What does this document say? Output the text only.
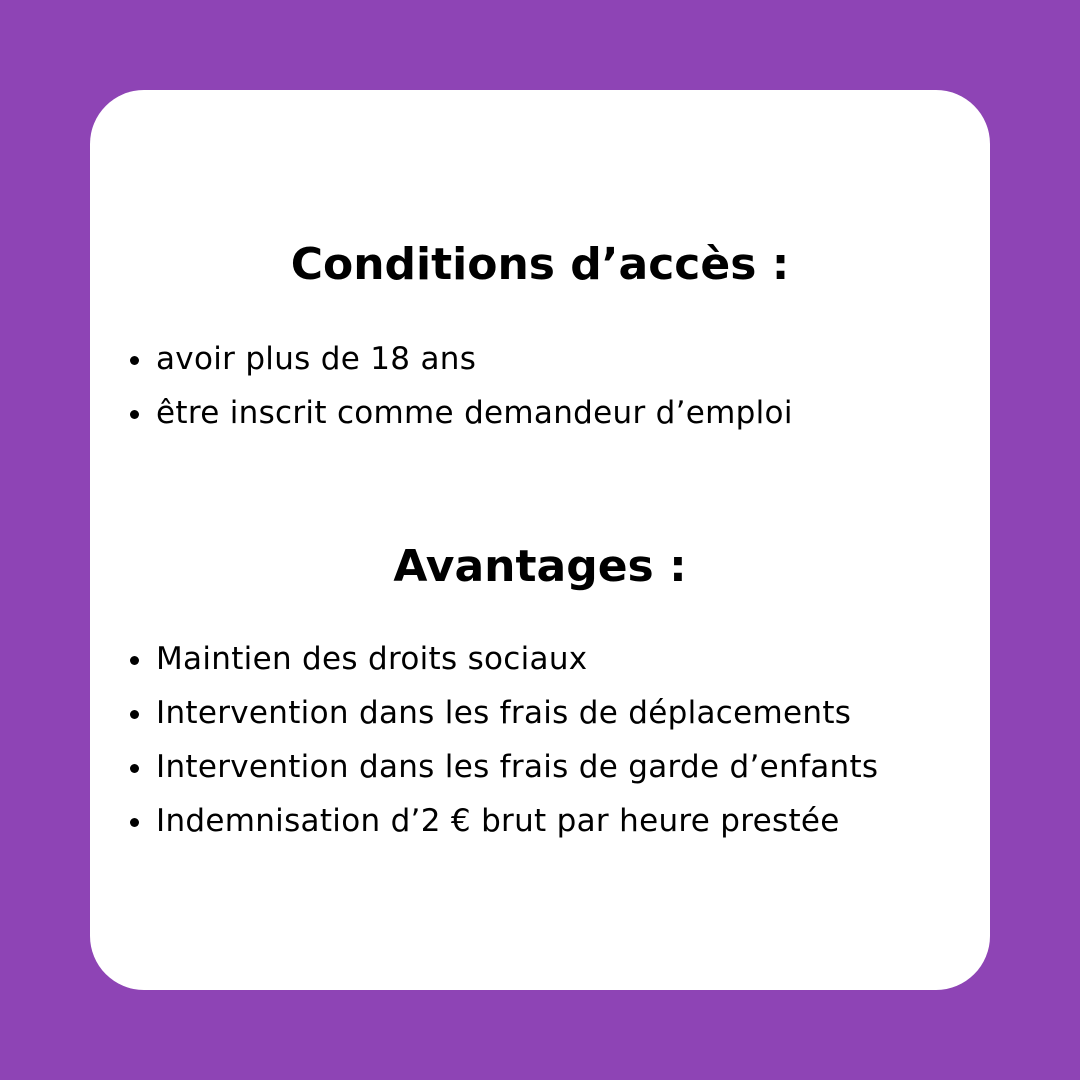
Conditions d’accès :
avoir plus de 18 ans
être inscrit comme demandeur d’emploi
Avantages :
Maintien des droits sociaux
Intervention dans les frais de déplacements
Intervention dans les frais de garde d’enfants
Indemnisation d’2 € brut par heure prestée
